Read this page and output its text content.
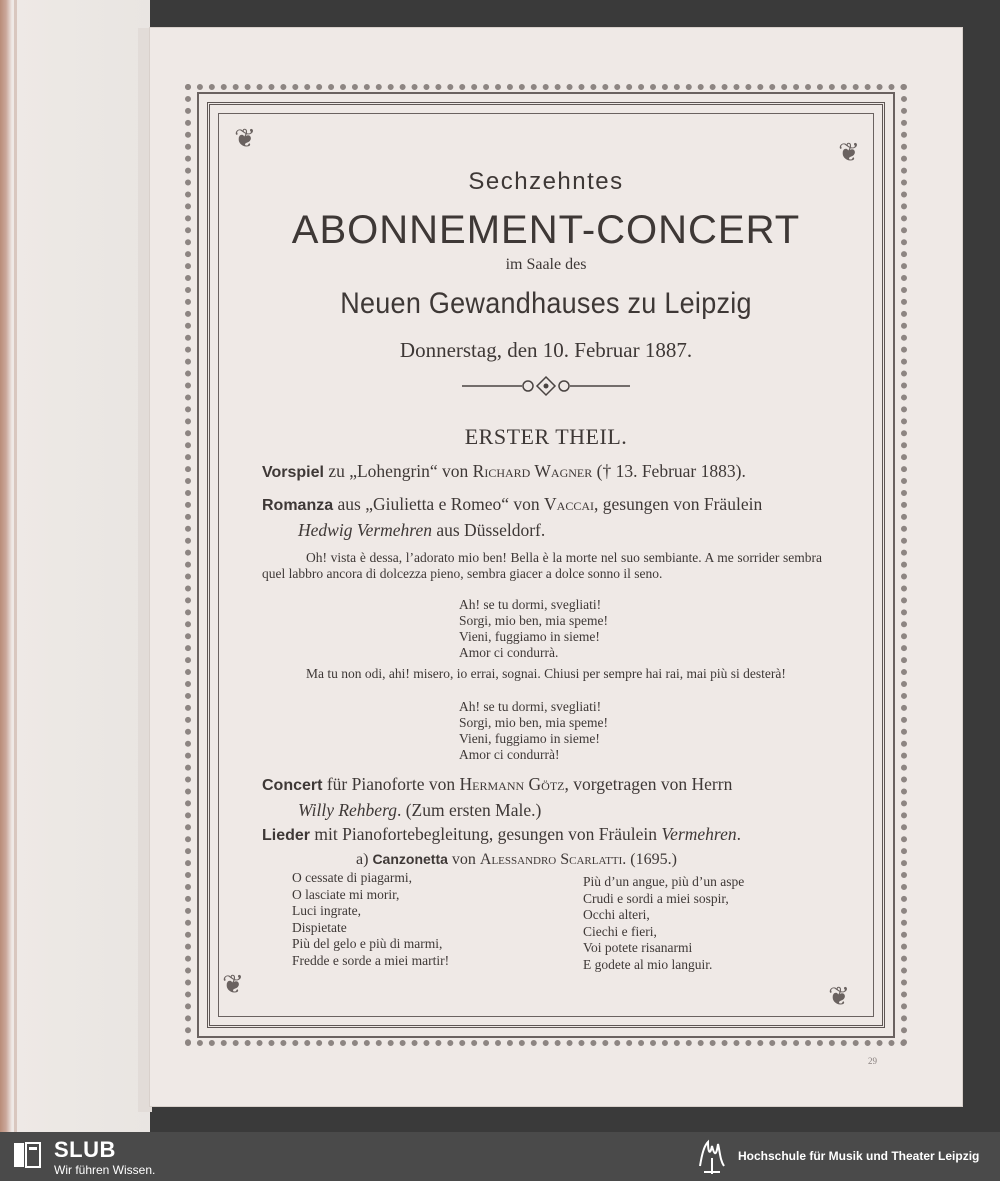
❦	❦
❦	❦
Sechzehntes
ABONNEMENT-CONCERT
im Saale des
Neuen Gewandhauses zu Leipzig
Donnerstag, den 10. Februar 1887.
ERSTER THEIL.
Vorspiel zu „Lohengrin“ von Richard Wagner († 13. Februar 1883).
Romanza aus „Giulietta e Romeo“ von Vaccai, gesungen von Fräulein
Hedwig Vermehren aus Düsseldorf.
Oh! vista è dessa, l’adorato mio ben! Bella è la morte nel suo sembiante. A me sorrider sembra quel labbro ancora di dolcezza pieno, sembra giacer a dolce sonno il seno.
Ah! se tu dormi, svegliati!
Sorgi, mio ben, mia speme!
Vieni, fuggiamo in sieme!
Amor ci condurrà.
Ma tu non odi, ahi! misero, io errai, sognai. Chiusi per sempre hai rai, mai più si desterà!
Ah! se tu dormi, svegliati!
Sorgi, mio ben, mia speme!
Vieni, fuggiamo in sieme!
Amor ci condurrà!
Concert für Pianoforte von Hermann Götz, vorgetragen von Herrn
Willy Rehberg. (Zum ersten Male.)
Lieder mit Pianofortebegleitung, gesungen von Fräulein Vermehren.
a) Canzonetta von Alessandro Scarlatti. (1695.)
O cessate di piagarmi,
O lasciate mi morir,
Luci ingrate,
Dispietate
Più del gelo e più di marmi,
Fredde e sorde a miei martir!
Più d’un angue, più d’un aspe
Crudi e sordi a miei sospir,
Occhi alteri,
Ciechi e fieri,
Voi potete risanarmi
E godete al mio languir.
29
SLUB
Wir führen Wissen.
Hochschule für Musik und Theater Leipzig
